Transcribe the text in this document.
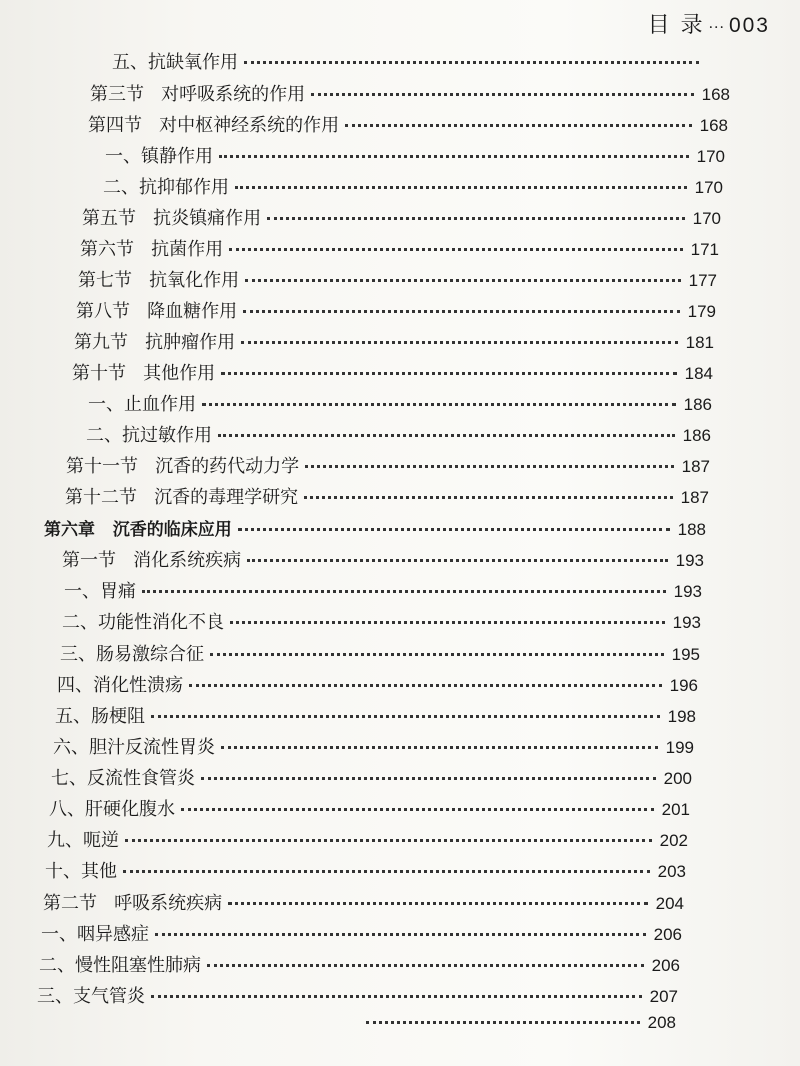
目 录 ··· 003
五、抗缺氧作用
第三节   对呼吸系统的作用	168
第四节   对中枢神经系统的作用	168
一、镇静作用	170
二、抗抑郁作用	170
第五节   抗炎镇痛作用	170
第六节   抗菌作用	171
第七节   抗氧化作用	177
第八节   降血糖作用	179
第九节   抗肿瘤作用	181
第十节   其他作用	184
一、止血作用	186
二、抗过敏作用	186
第十一节   沉香的药代动力学	187
第十二节   沉香的毒理学研究	187
第六章   沉香的临床应用	188
第一节   消化系统疾病	193
一、胃痛	193
二、功能性消化不良	193
三、肠易激综合征	195
四、消化性溃疡	196
五、肠梗阻	198
六、胆汁反流性胃炎	199
七、反流性食管炎	200
八、肝硬化腹水	201
九、呃逆	202
十、其他	203
第二节   呼吸系统疾病	204
一、咽异感症	206
二、慢性阻塞性肺病	206
三、支气管炎	207
208
